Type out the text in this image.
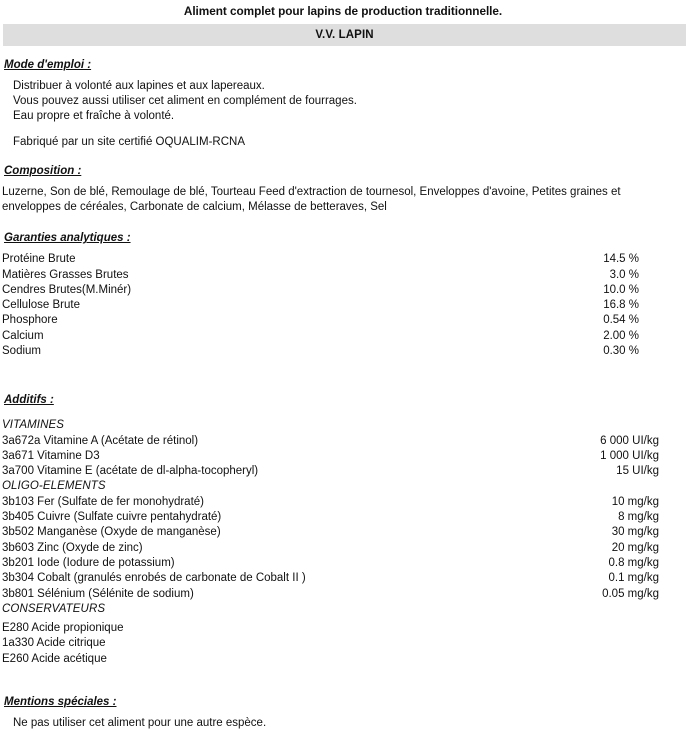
Aliment complet pour lapins de production traditionnelle.
V.V. LAPIN
Mode d'emploi :
Distribuer à volonté aux lapines et aux lapereaux.
Vous pouvez aussi utiliser cet aliment en complément de fourrages.
Eau propre et fraîche à volonté.
Fabriqué par un site certifié OQUALIM-RCNA
Composition :
Luzerne, Son de blé, Remoulage de blé, Tourteau Feed d'extraction de tournesol, Enveloppes d'avoine, Petites graines et enveloppes de céréales, Carbonate de calcium, Mélasse de betteraves, Sel
Garanties analytiques :
Protéine Brute	14.5 %
Matières Grasses Brutes	3.0 %
Cendres Brutes(M.Minér)	10.0 %
Cellulose Brute	16.8 %
Phosphore	0.54 %
Calcium	2.00 %
Sodium	0.30 %
Additifs :
VITAMINES	
3a672a Vitamine A (Acétate de rétinol)	6 000 UI/kg
3a671 Vitamine D3	1 000 UI/kg
3a700 Vitamine E (acétate de dl-alpha-tocopheryl)	15 UI/kg
OLIGO-ELEMENTS	
3b103 Fer (Sulfate de fer monohydraté)	10 mg/kg
3b405 Cuivre (Sulfate cuivre pentahydraté)	8 mg/kg
3b502 Manganèse (Oxyde de manganèse)	30 mg/kg
3b603 Zinc (Oxyde de zinc)	20 mg/kg
3b201 Iode (Iodure de potassium)	0.8 mg/kg
3b304 Cobalt (granulés enrobés de carbonate de Cobalt II )	0.1 mg/kg
3b801 Sélénium (Sélénite de sodium)	0.05 mg/kg
CONSERVATEURS	
E280 Acide propionique	
1a330 Acide citrique	
E260 Acide acétique	
Mentions spéciales :
Ne pas utiliser cet aliment pour une autre espèce.
